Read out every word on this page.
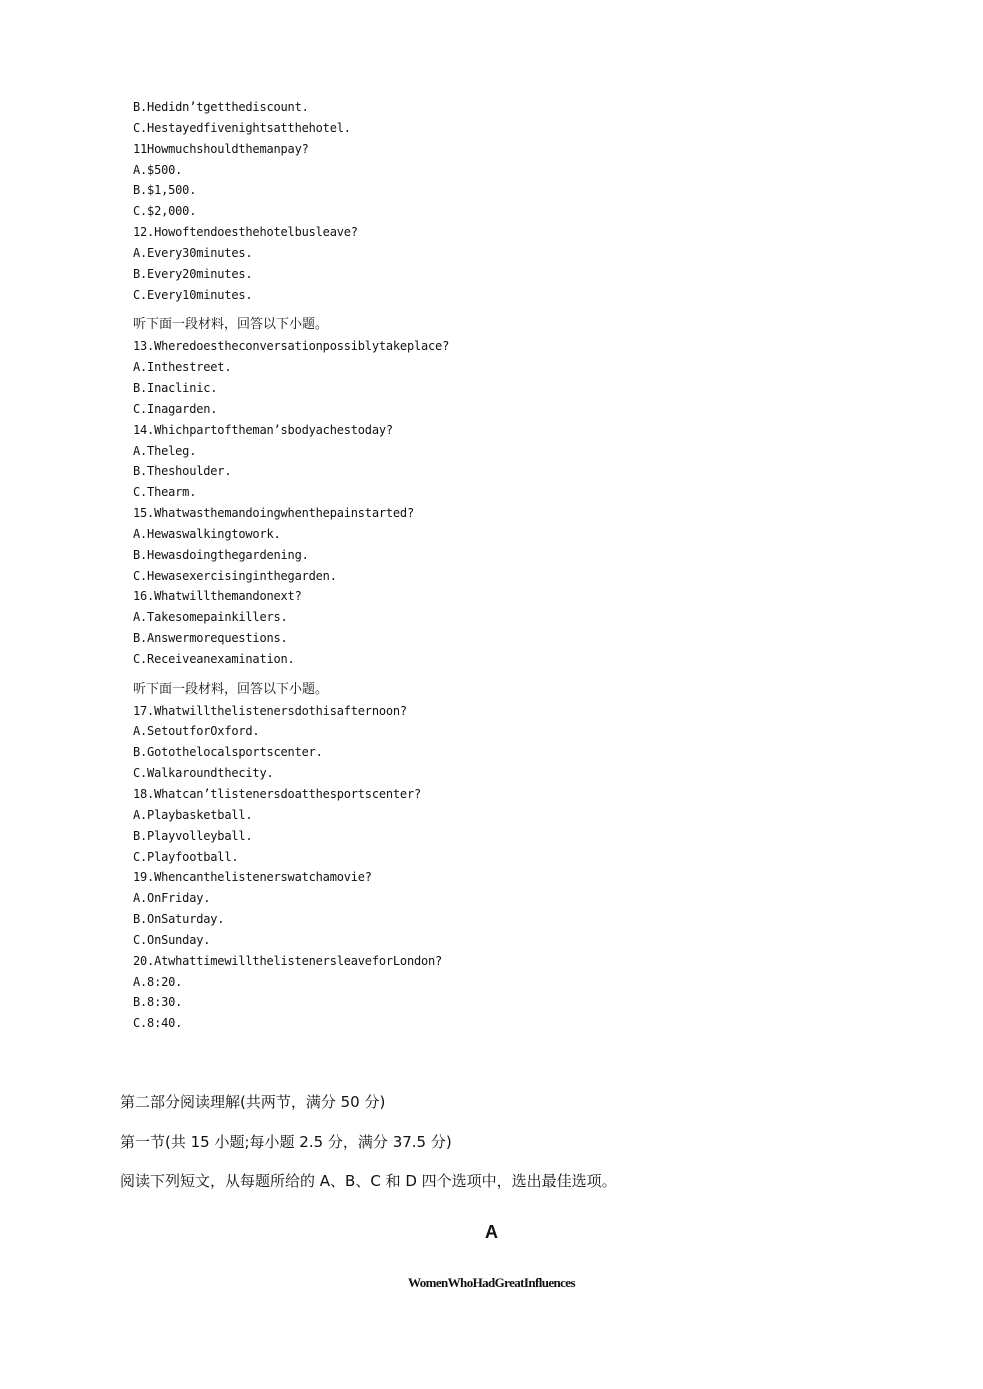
B.Hedidn’tgetthediscount.
C.Hestayedfivenightsatthehotel.
11Howmuchshouldthemanpay?
A.$500.
B.$1,500.
C.$2,000.
12.Howoftendoesthehotelbusleave?
A.Every30minutes.
B.Every20minutes.
C.Every10minutes.
听下面一段材料，回答以下小题。
13.Wheredoestheconversationpossiblytakeplace?
A.Inthestreet.
B.Inaclinic.
C.Inagarden.
14.Whichpartoftheman’sbodyachestoday?
A.Theleg.
B.Theshoulder.
C.Thearm.
15.Whatwasthemandoingwhenthepainstarted?
A.Hewaswalkingtowork.
B.Hewasdoingthegardening.
C.Hewasexercisinginthegarden.
16.Whatwillthemandonext?
A.Takesomepainkillers.
B.Answermorequestions.
C.Receiveanexamination.
听下面一段材料，回答以下小题。
17.Whatwillthelistenersdothisafternoon?
A.SetoutforOxford.
B.Gotothelocalsportscenter.
C.Walkaroundthecity.
18.Whatcan’tlistenersdoatthesportscenter?
A.Playbasketball.
B.Playvolleyball.
C.Playfootball.
19.Whencanthelistenerswatchamovie?
A.OnFriday.
B.OnSaturday.
C.OnSunday.
20.AtwhattimewillthelistenersleaveforLondon?
A.8:20.
B.8:30.
C.8:40.
第二部分阅读理解(共两节，满分 50 分)
第一节(共 15 小题;每小题 2.5 分，满分 37.5 分)
阅读下列短文，从每题所给的 A、B、C 和 D 四个选项中，选出最佳选项。
A
WomenWhoHadGreatInfluences
